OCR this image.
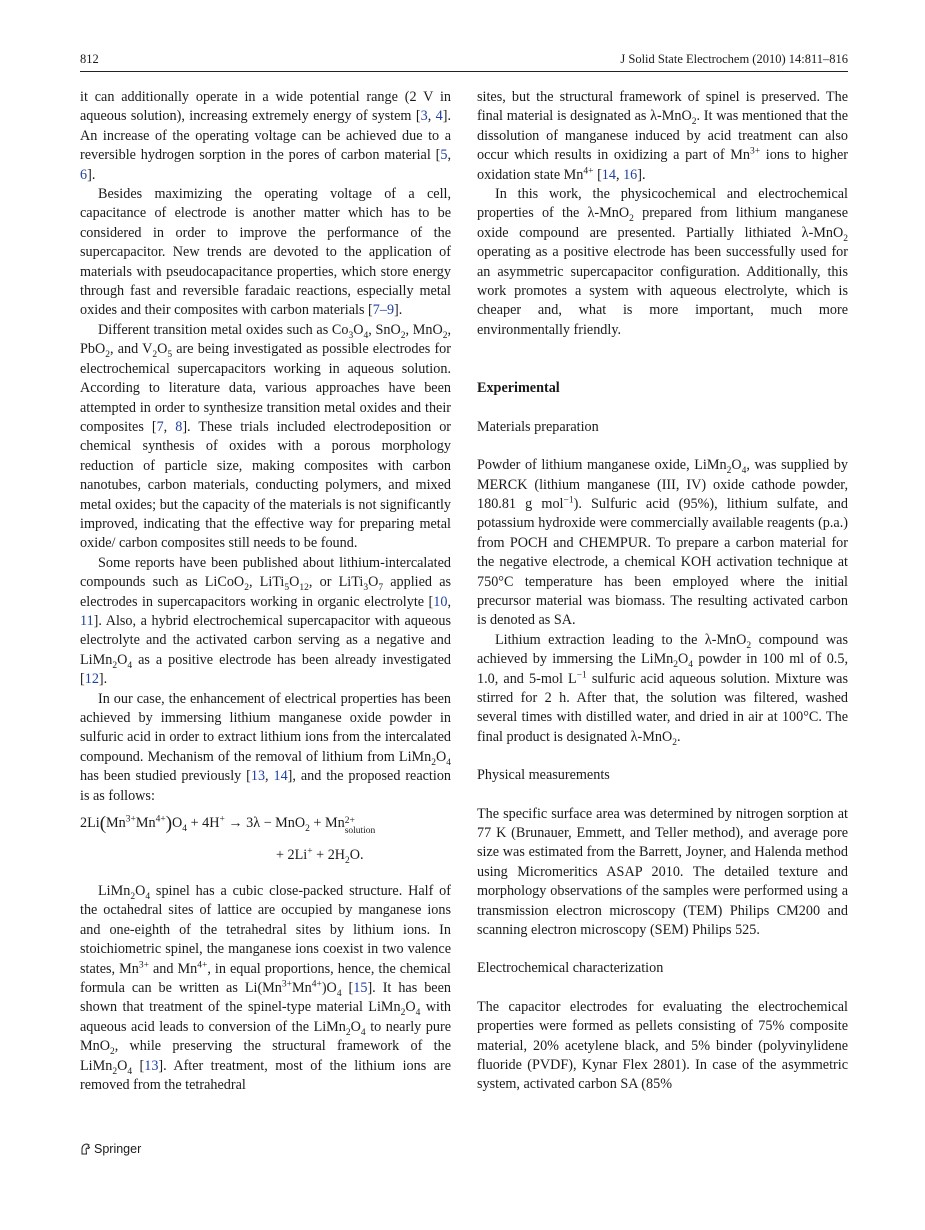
812	J Solid State Electrochem (2010) 14:811–816

it can additionally operate in a wide potential range (2 V in aqueous solution), increasing extremely energy of system [3, 4]. An increase of the operating voltage can be achieved due to a reversible hydrogen sorption in the pores of carbon material [5, 6].

Besides maximizing the operating voltage of a cell, capacitance of electrode is another matter which has to be considered in order to improve the performance of the supercapacitor. New trends are devoted to the application of materials with pseudocapacitance properties, which store energy through fast and reversible faradaic reactions, especially metal oxides and their composites with carbon materials [7–9].

Different transition metal oxides such as $Co_3O_4$, SnO$_2$, MnO$_2$, PbO$_2$, and $V_2O_5$ are being investigated as possible electrodes for electrochemical supercapacitors working in aqueous solution. According to literature data, various approaches have been attempted in order to synthesize transition metal oxides and their composites [7, 8]. These trials included electrodeposition or chemical synthesis of oxides with a porous morphology reduction of particle size, making composites with carbon nanotubes, carbon materials, conducting polymers, and mixed metal oxides; but the capacity of the materials is not significantly improved, indicating that the effective way for preparing metal oxide/ carbon composites still needs to be found.

Some reports have been published about lithium-intercalated compounds such as LiCoO$_2$, $LiTi_5O_{12}$, or $LiTi_3O_7$ applied as electrodes in supercapacitors working in organic electrolyte [10, 11]. Also, a hybrid electrochemical supercapacitor with aqueous electrolyte and the activated carbon serving as a negative and $LiMn_2O_4$ as a positive electrode has been already investigated [12].

In our case, the enhancement of electrical properties has been achieved by immersing lithium manganese oxide powder in sulfuric acid in order to extract lithium ions from the intercalated compound. Mechanism of the removal of lithium from $LiMn_2O_4$ has been studied previously [13, 14], and the proposed reaction is as follows:

$2Li(Mn^{3+}Mn^{4+})O_4 + 4H^+ \to 3\lambda - MnO_2 + Mn$ 2+
solution
+ $2Li^+ + 2H_2O$.

$LiMn_2O_4$ spinel has a cubic close-packed structure. Half of the octahedral sites of lattice are occupied by manganese ions and one-eighth of the tetrahedral sites by lithium ions. In stoichiometric spinel, the manganese ions coexist in two valence states, $Mn^{3+}$ and $Mn^{4+}$, in equal proportions, hence, the chemical formula can be written as $Li(Mn^{3+}Mn^{4+})O_4$ [15]. It has been shown that treatment of the spinel-type material $LiMn_2O_4$ with aqueous acid leads to conversion of the $LiMn_2O_4$ to nearly pure MnO$_2$, while preserving the structural framework of the $LiMn_2O_4$ [13]. After treatment, most of the lithium ions are removed from the tetrahedral

sites, but the structural framework of spinel is preserved. The final material is designated as λ-MnO$_2$. It was mentioned that the dissolution of manganese induced by acid treatment can also occur which results in oxidizing a part of $Mn^{3+}$ ions to higher oxidation state $Mn^{4+}$ [14, 16].

In this work, the physicochemical and electrochemical properties of the λ-MnO$_2$ prepared from lithium manganese oxide compound are presented. Partially lithiated λ-MnO$_2$ operating as a positive electrode has been successfully used for an asymmetric supercapacitor configuration. Additionally, this work promotes a system with aqueous electrolyte, which is cheaper and, what is more important, much more environmentally friendly.

Experimental

Materials preparation

Powder of lithium manganese oxide, $LiMn_2O_4$, was supplied by MERCK (lithium manganese (III, IV) oxide cathode powder, 180.81 g mol$^{-1}$). Sulfuric acid (95%), lithium sulfate, and potassium hydroxide were commercially available reagents (p.a.) from POCH and CHEMPUR. To prepare a carbon material for the negative electrode, a chemical KOH activation technique at 750°C temperature has been employed where the initial precursor material was biomass. The resulting activated carbon is denoted as SA.

Lithium extraction leading to the λ-MnO$_2$ compound was achieved by immersing the $LiMn_2O_4$ powder in 100 ml of 0.5, 1.0, and 5-mol $L^{-1}$ sulfuric acid aqueous solution. Mixture was stirred for 2 h. After that, the solution was filtered, washed several times with distilled water, and dried in air at 100°C. The final product is designated λ-MnO$_2$.

Physical measurements

The specific surface area was determined by nitrogen sorption at 77 K (Brunauer, Emmett, and Teller method), and average pore size was estimated from the Barrett, Joyner, and Halenda method using Micromeritics ASAP 2010. The detailed texture and morphology observations of the samples were performed using a transmission electron microscopy (TEM) Philips CM200 and scanning electron microscopy (SEM) Philips 525.

Electrochemical characterization

The capacitor electrodes for evaluating the electrochemical properties were formed as pellets consisting of 75% composite material, 20% acetylene black, and 5% binder (polyvinylidene fluoride (PVDF), Kynar Flex 2801). In case of the asymmetric system, activated carbon SA (85%

Springer
